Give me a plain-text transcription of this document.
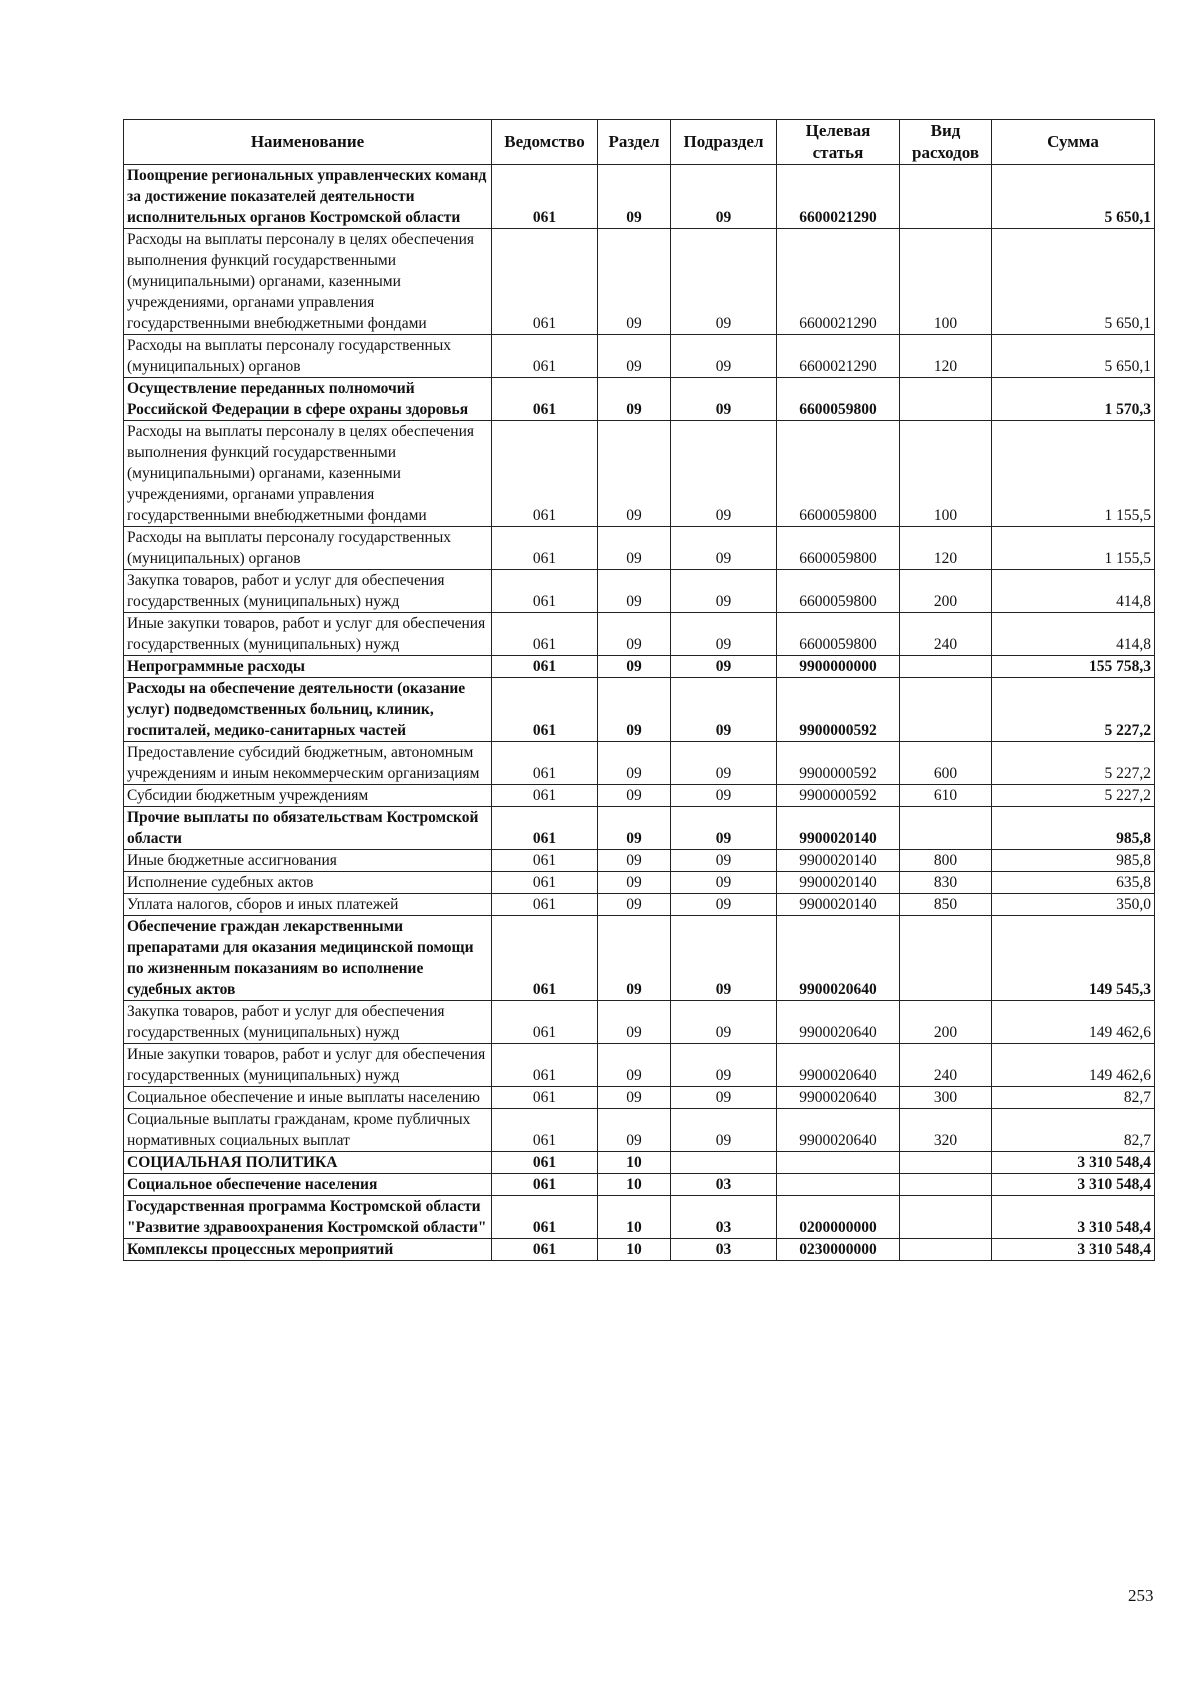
Наименование	Ведомство	Раздел	Подраздел	Целевая статья	Вид расходов	Сумма
Поощрение региональных управленческих команд за достижение показателей деятельности исполнительных органов Костромской области	061	09	09	6600021290		5 650,1
Расходы на выплаты персоналу в целях обеспечения выполнения функций государственными (муниципальными) органами, казенными учреждениями, органами управления государственными внебюджетными фондами	061	09	09	6600021290	100	5 650,1
Расходы на выплаты персоналу государственных (муниципальных) органов	061	09	09	6600021290	120	5 650,1
Осуществление переданных полномочий Российской Федерации в сфере охраны здоровья	061	09	09	6600059800		1 570,3
Расходы на выплаты персоналу в целях обеспечения выполнения функций государственными (муниципальными) органами, казенными учреждениями, органами управления государственными внебюджетными фондами	061	09	09	6600059800	100	1 155,5
Расходы на выплаты персоналу государственных (муниципальных) органов	061	09	09	6600059800	120	1 155,5
Закупка товаров, работ и услуг для обеспечения государственных (муниципальных) нужд	061	09	09	6600059800	200	414,8
Иные закупки товаров, работ и услуг для обеспечения государственных (муниципальных) нужд	061	09	09	6600059800	240	414,8
Непрограммные расходы	061	09	09	9900000000		155 758,3
Расходы на обеспечение деятельности (оказание услуг) подведомственных больниц, клиник, госпиталей, медико-санитарных частей	061	09	09	9900000592		5 227,2
Предоставление субсидий бюджетным, автономным учреждениям и иным некоммерческим организациям	061	09	09	9900000592	600	5 227,2
Субсидии бюджетным учреждениям	061	09	09	9900000592	610	5 227,2
Прочие выплаты по обязательствам Костромской области	061	09	09	9900020140		985,8
Иные бюджетные ассигнования	061	09	09	9900020140	800	985,8
Исполнение судебных актов	061	09	09	9900020140	830	635,8
Уплата налогов, сборов и иных платежей	061	09	09	9900020140	850	350,0
Обеспечение граждан лекарственными препаратами для оказания медицинской помощи по жизненным показаниям во исполнение судебных актов	061	09	09	9900020640		149 545,3
Закупка товаров, работ и услуг для обеспечения государственных (муниципальных) нужд	061	09	09	9900020640	200	149 462,6
Иные закупки товаров, работ и услуг для обеспечения государственных (муниципальных) нужд	061	09	09	9900020640	240	149 462,6
Социальное обеспечение и иные выплаты населению	061	09	09	9900020640	300	82,7
Социальные выплаты гражданам, кроме публичных нормативных социальных выплат	061	09	09	9900020640	320	82,7
СОЦИАЛЬНАЯ ПОЛИТИКА	061	10				3 310 548,4
Социальное обеспечение населения	061	10	03			3 310 548,4
Государственная программа Костромской области "Развитие здравоохранения Костромской области"	061	10	03	0200000000		3 310 548,4
Комплексы процессных мероприятий	061	10	03	0230000000		3 310 548,4
253
